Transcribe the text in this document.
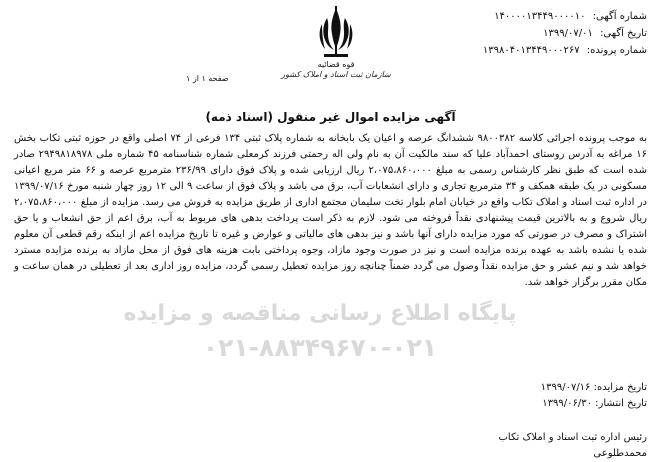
شماره آگهی: ۱۴۰۰۰۰۱۳۴۴۹۰۰۰۰۱۰
تاریخ آگهی: ۱۳۹۹/۰۷/۰۱
شماره پرونده: ۱۳۹۸۰۴۰۱۳۴۴۹۰۰۰۲۶۷
قوه قضائیه
سازمان ثبت اسناد و املاک کشور
صفحه ۱ از ۱
آگهی مزایده اموال غیر منقول (اسناد ذمه)
به موجب پرونده اجرائی کلاسه ۹۸۰۰۳۸۲ ششدانگ عرصه و اعیان یک بابخانه به شماره پلاک ثبتی ۱۳۴ فرعی از ۷۴ اصلی واقع در حوزه ثبتی تکاب بخش ۱۶ مراغه به آدرس روستای احمدآباد علیا که سند مالکیت آن به نام ولی اله رحمتی فرزند کرمعلی شماره شناسنامه ۴۵ شماره ملی ۲۹۴۹۸۱۸۹۷۸ صادر شده است که طبق نظر کارشناس رسمی به مبلغ ۲،۰۷۵،۸۶۰،۰۰۰ ریال ارزیابی شده و پلاک فوق دارای ۲۳۶/۹۹ مترمربع عرصه و ۶۶ متر مربع اعیانی مسکونی در یک طبقه همکف و ۳۴ مترمربع تجاری و دارای انشعابات آب، برق می باشد و پلاک فوق از ساعت ۹ الی ۱۲ روز چهار شنبه مورخ ۱۳۹۹/۰۷/۱۶ در اداره ثبت اسناد و املاک تکاب واقع در خیابان امام بلوار تخت سلیمان مجتمع اداری از طریق مزایده به فروش می رسد. مزایده از مبلغ ۲،۰۷۵،۸۶۰،۰۰۰ ریال شروع و به بالاترین قیمت پیشنهادی نقداً فروخته می شود. لازم به ذکر است پرداخت بدهی های مربوط به آب، برق اعم از حق انشعاب و یا حق اشتراک و مصرف در صورتی که مورد مزایده دارای آنها باشد و نیز بدهی های مالیاتی و عوارض و غیره تا تاریخ مزایده اعم از اینکه رقم قطعی آن معلوم شده یا نشده باشد به عهده برنده مزایده است و نیز در صورت وجود مازاد، وجوه پرداختی بابت هزینه های فوق از محل مازاد به برنده مزایده مسترد خواهد شد و نیم عشر و حق مزایده نقداً وصول می گردد ضمناً چنانچه روز مزایده تعطیل رسمی گردد، مزایده روز اداری بعد از تعطیلی در همان ساعت و مکان مقرر برگزار خواهد شد.
پایگاه اطلاع رسانی مناقصه و مزایده
۰۲۱-۸۸۳۴۹۶۷۰-۰۲۱
تاریخ مزایده: ۱۳۹۹/۰۷/۱۶
تاریخ انتشار: ۱۳۹۹/۰۶/۳۰
رئیس اداره ثبت اسناد و املاک تکاب
محمدطلوعی
